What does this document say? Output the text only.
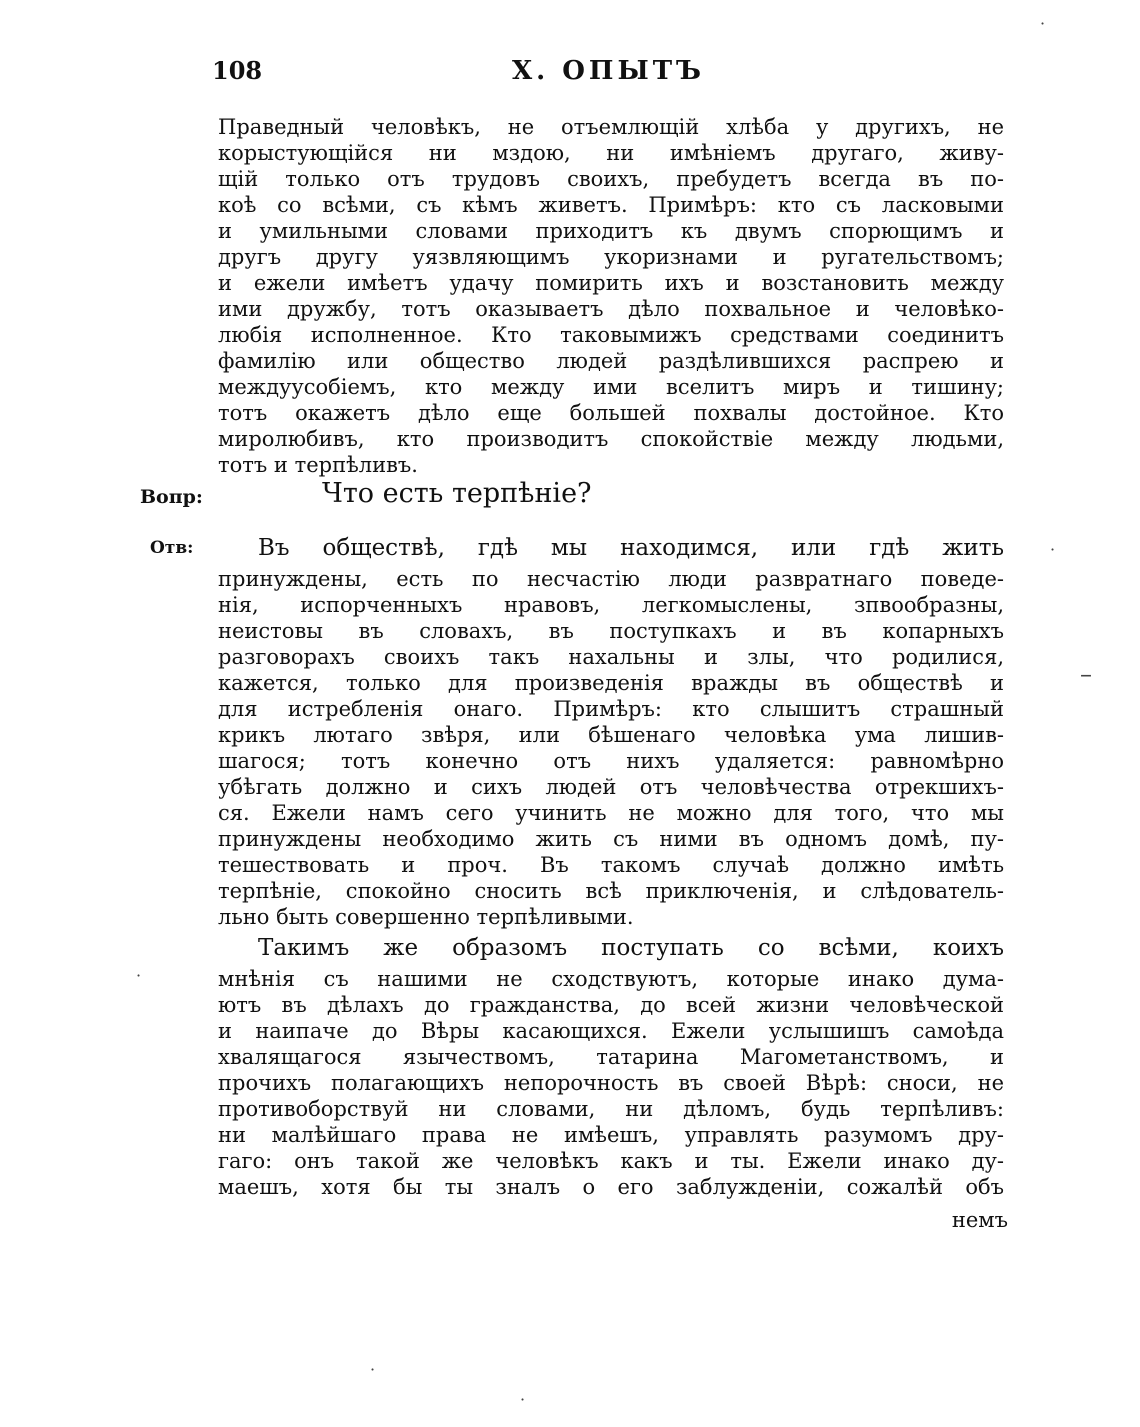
108	X. ОПЫТЪ
Праведный человѣкъ, не отъемлющiй хлѣба у другихъ, не
корыстующiйся ни мздою, ни имѣнiемъ другаго, живу-
щiй только отъ трудовъ своихъ, пребудетъ всегда въ по-
коѣ со всѣми, съ кѣмъ живетъ. Примѣръ: кто съ ласковыми
и умильными словами приходитъ къ двумъ спорющимъ и
другъ другу уязвляющимъ укоризнами и ругательствомъ;
и ежели имѣетъ удачу помирить ихъ и возстановить между
ими дружбу, тотъ оказываетъ дѣло похвальное и человѣко-
любiя исполненное. Кто таковымижъ средствами соединитъ
фамилiю или общество людей раздѣлившихся распрею и
междуусобiемъ, кто между ими вселитъ миръ и тишину;
тотъ окажетъ дѣло еще большей похвалы достойное. Кто
миролюбивъ, кто производитъ спокойствiе между людьми,
тотъ и терпѣливъ.
Вопр:	Что есть терпѣнiе?
Отв:	Въ обществѣ, гдѣ мы находимся, или гдѣ жить
принуждены, есть по несчастiю люди развратнаго поведе-
нiя, испорченныхъ нравовъ, легкомыслены, зпвообразны,
неистовы въ словахъ, въ поступкахъ и въ копарныхъ
разговорахъ своихъ такъ нахальны и злы, что родилися,
кажется, только для произведенiя вражды въ обществѣ и
для истребленiя онаго. Примѣръ: кто слышитъ страшный
крикъ лютаго звѣря, или бѣшенаго человѣка ума лишив-
шагося; тотъ конечно отъ нихъ удаляется: равномѣрно
убѣгать должно и сихъ людей отъ человѣчества отрекшихъ-
ся. Ежели намъ сего учинить не можно для того, что мы
принуждены необходимо жить съ ними въ одномъ домѣ, пу-
тешествовать и проч. Въ такомъ случаѣ должно имѣть
терпѣнiе, спокойно сносить всѣ приключенiя, и слѣдователь-
льно быть совершенно терпѣливыми.
Такимъ же образомъ поступать со всѣми, коихъ
мнѣнiя съ нашими не сходствуютъ, которые инако дума-
ютъ въ дѣлахъ до гражданства, до всей жизни человѣческой
и наипаче до Вѣры касающихся. Ежели услышишъ самоѣда
хвалящагося язычествомъ, татарина Магометанствомъ, и
прочихъ полагающихъ непорочность въ своей Вѣрѣ: сноси, не
противоборствуй ни словами, ни дѣломъ, будь терпѣливъ:
ни малѣйшаго права не имѣешъ, управлять разумомъ дру-
гаго: онъ такой же человѣкъ какъ и ты. Ежели инако ду-
маешъ, хотя бы ты зналъ о его заблужденiи, сожалѣй объ
немъ
·
–
·
·
·
·
